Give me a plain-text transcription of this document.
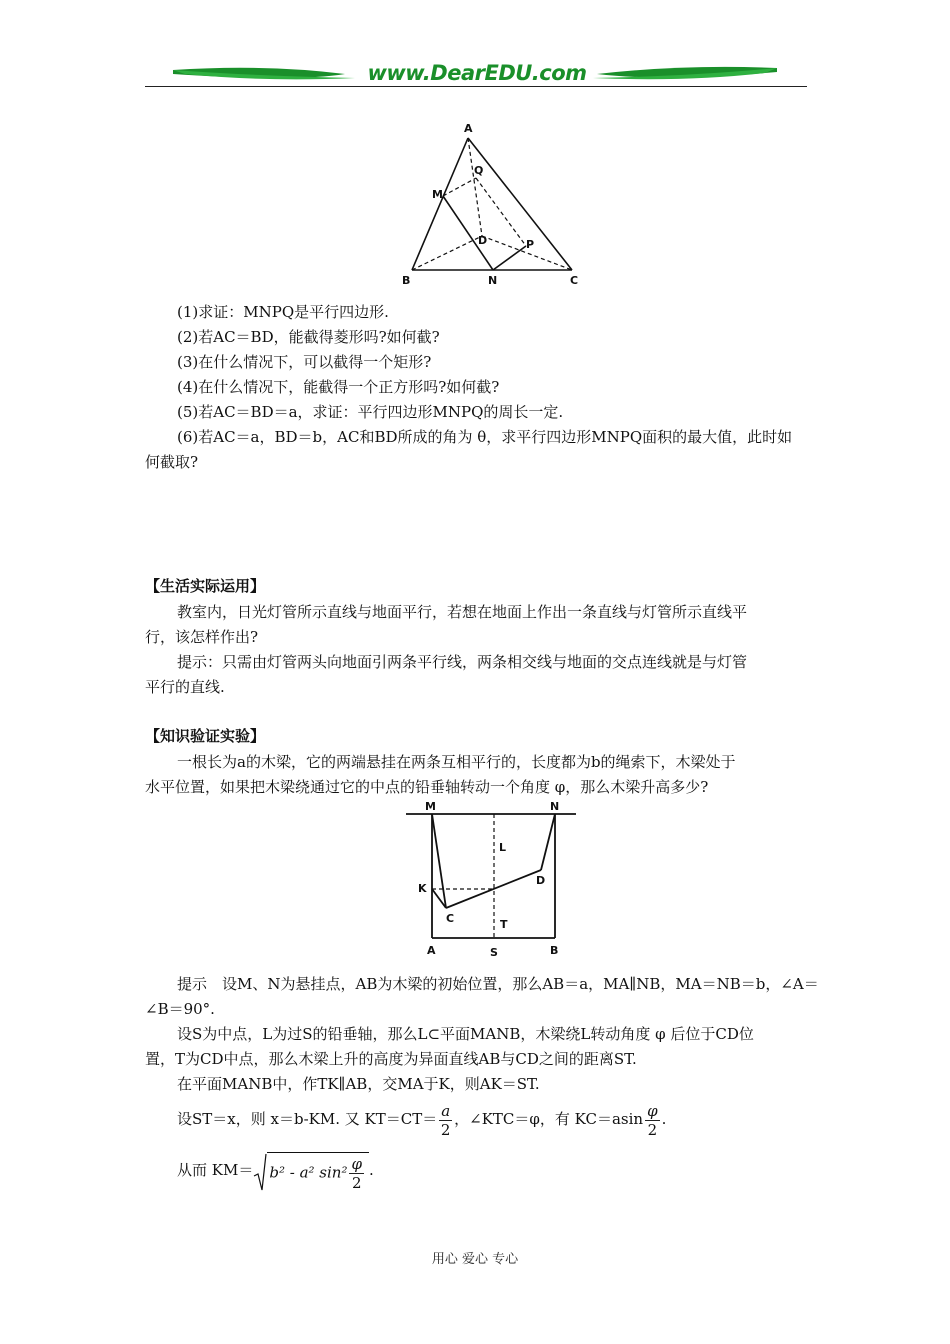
www.DearEDU.com
A
B	C
D
M
N
P
Q
(1)求证：MNPQ是平行四边形.
(2)若AC＝BD，能截得菱形吗?如何截?
(3)在什么情况下，可以截得一个矩形?
(4)在什么情况下，能截得一个正方形吗?如何截?
(5)若AC＝BD＝a，求证：平行四边形MNPQ的周长一定.
(6)若AC＝a，BD＝b，AC和BD所成的角为 θ，求平行四边形MNPQ面积的最大值，此时如
何截取?
【生活实际运用】
教室内，日光灯管所示直线与地面平行，若想在地面上作出一条直线与灯管所示直线平
行，该怎样作出?
提示：只需由灯管两头向地面引两条平行线，两条相交线与地面的交点连线就是与灯管
平行的直线.
【知识验证实验】
一根长为a的木梁，它的两端悬挂在两条互相平行的，长度都为b的绳索下，木梁处于
水平位置，如果把木梁绕通过它的中点的铅垂轴转动一个角度 φ，那么木梁升高多少?
M	N
L
K
D
C	T
A	S	B
提示　设M、N为悬挂点，AB为木梁的初始位置，那么AB＝a，MA∥NB，MA＝NB＝b，∠A＝
∠B＝90°.
设S为中点，L为过S的铅垂轴，那么L⊂平面MANB，木梁绕L转动角度 φ 后位于CD位
置，T为CD中点，那么木梁上升的高度为异面直线AB与CD之间的距离ST.
在平面MANB中，作TK∥AB，交MA于K，则AK＝ST.
设ST＝x，则 x＝b-KM. 又 $KT=CT= \frac{a}{2}$ ，∠KTC＝φ，有 $KC=asin \frac{\varphi}{2}$ .
从而 KM＝ b² - a² $\sin^2 \frac{\varphi}{2}$ .
用心 爱心 专心
